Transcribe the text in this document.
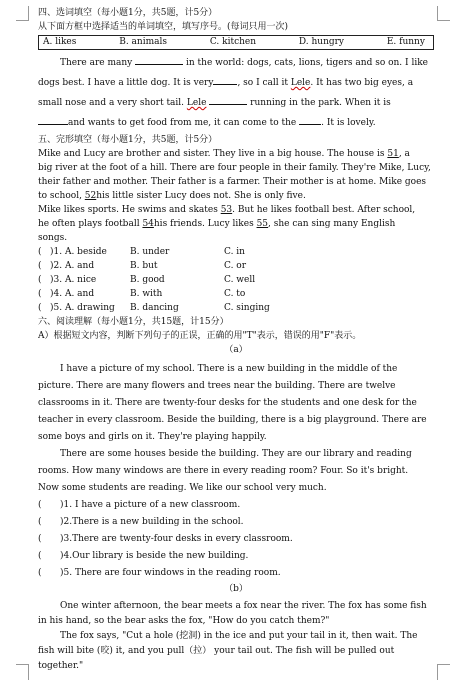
四、选词填空（每小题1分，共5题，计5分）
从下面方框中选择适当的单词填空，填写序号。(每词只用一次)
A. likes	B. animals	C. kitchen	D. hungry	E. funny
There are many	in the world: dogs, cats, lions, tigers and so on. I like
dogs best. I have a little dog. It is very	, so I call it Lele. It has two big eyes, a
small nose and a very short tail. Lele	running in the park. When it is
and wants to get food from me, it can come to the . It is lovely.
五、完形填空（每小题1分，共5题，计5分）
Mike and Lucy are brother and sister. They live in a big house. The house is 51, a
big river at the foot of a hill. There are four people in their family. They're Mike, Lucy,
their father and mother. Their father is a farmer. Their mother is at home. Mike goes
to school, 52his little sister Lucy does not. She is only five.
Mike likes sports. He swims and skates 53. But he likes football best. After school,
he often plays football 54his friends. Lucy likes 55, she can sing many English
songs.
( )1. A. beside	B. under	C. in
( )2. A. and	B. but	C. or
( )3. A. nice	B. good	C. well
( )4. A. and	B. with	C. to
( )5. A. drawing	B. dancing	C. singing
六、阅读理解（每小题1分，共15题，计15分）
A）根据短文内容，判断下列句子的正误，正确的用"T"表示，错误的用"F"表示。
（a）
I have a picture of my school. There is a new building in the middle of the
picture. There are many flowers and trees near the building. There are twelve
classrooms in it. There are twenty-four desks for the students and one desk for the
teacher in every classroom. Beside the building, there is a big playground. There are
some boys and girls on it. They're playing happily.
There are some houses beside the building. They are our library and reading
rooms. How many windows are there in every reading room? Four. So it's bright.
Now some students are reading. We like our school very much.
(	)1. I have a picture of a new classroom.
(	)2.There is a new building in the school.
(	)3.There are twenty-four desks in every classroom.
(	)4.Our library is beside the new building.
(	)5. There are four windows in the reading room.
（b）
One winter afternoon, the bear meets a fox near the river. The fox has some fish
in his hand, so the bear asks the fox, "How do you catch them?"
The fox says, "Cut a hole (挖洞) in the ice and put your tail in it, then wait. The
fish will bite (咬) it, and you pull（拉） your tail out. The fish will be pulled out
together."
